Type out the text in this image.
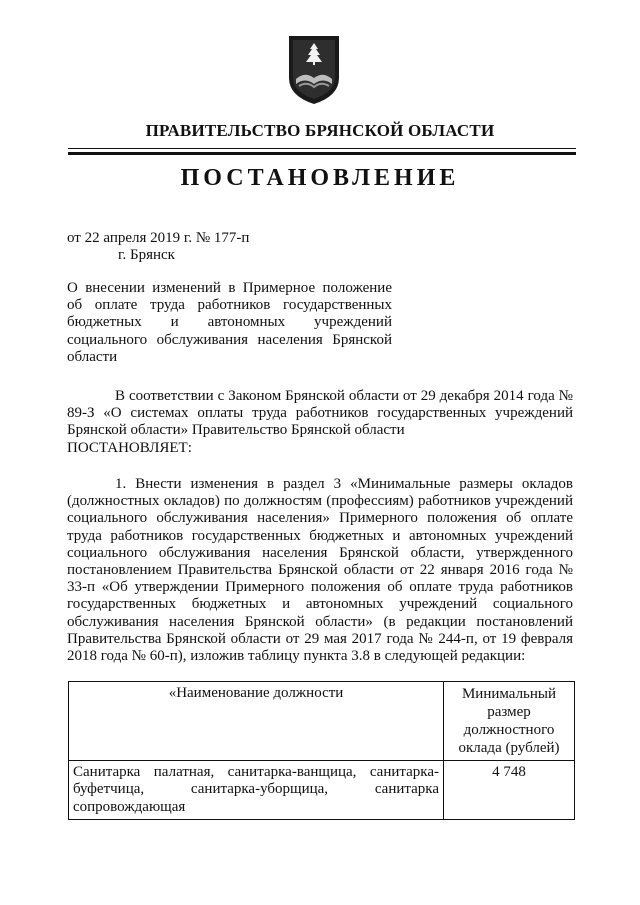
ПРАВИТЕЛЬСТВО БРЯНСКОЙ ОБЛАСТИ
ПОСТАНОВЛЕНИЕ
от 22 апреля 2019 г. № 177-п
г. Брянск
О внесении изменений в Примерное положение об оплате труда работников государственных бюджетных и автономных учреждений социального обслуживания населения Брянской области
В соответствии с Законом Брянской области от 29 декабря 2014 года № 89-З «О системах оплаты труда работников государственных учреждений Брянской области» Правительство Брянской области
ПОСТАНОВЛЯЕТ:
1. Внести изменения в раздел 3 «Минимальные размеры окладов (должностных окладов) по должностям (профессиям) работников учреждений социального обслуживания населения» Примерного положения об оплате труда работников государственных бюджетных и автономных учреждений социального обслуживания населения Брянской области, утвержденного постановлением Правительства Брянской области от 22 января 2016 года № 33-п «Об утверждении Примерного положения об оплате труда работников государственных бюджетных и автономных учреждений социального обслуживания населения Брянской области» (в редакции постановлений Правительства Брянской области от 29 мая 2017 года № 244-п, от 19 февраля 2018 года № 60-п), изложив таблицу пункта 3.8 в следующей редакции:
«Наименование должности	Минимальный размер должностного оклада (рублей)
Санитарка палатная, санитарка-ванщица, санитарка-буфетчица, санитарка-уборщица, санитарка сопровождающая	4 748
